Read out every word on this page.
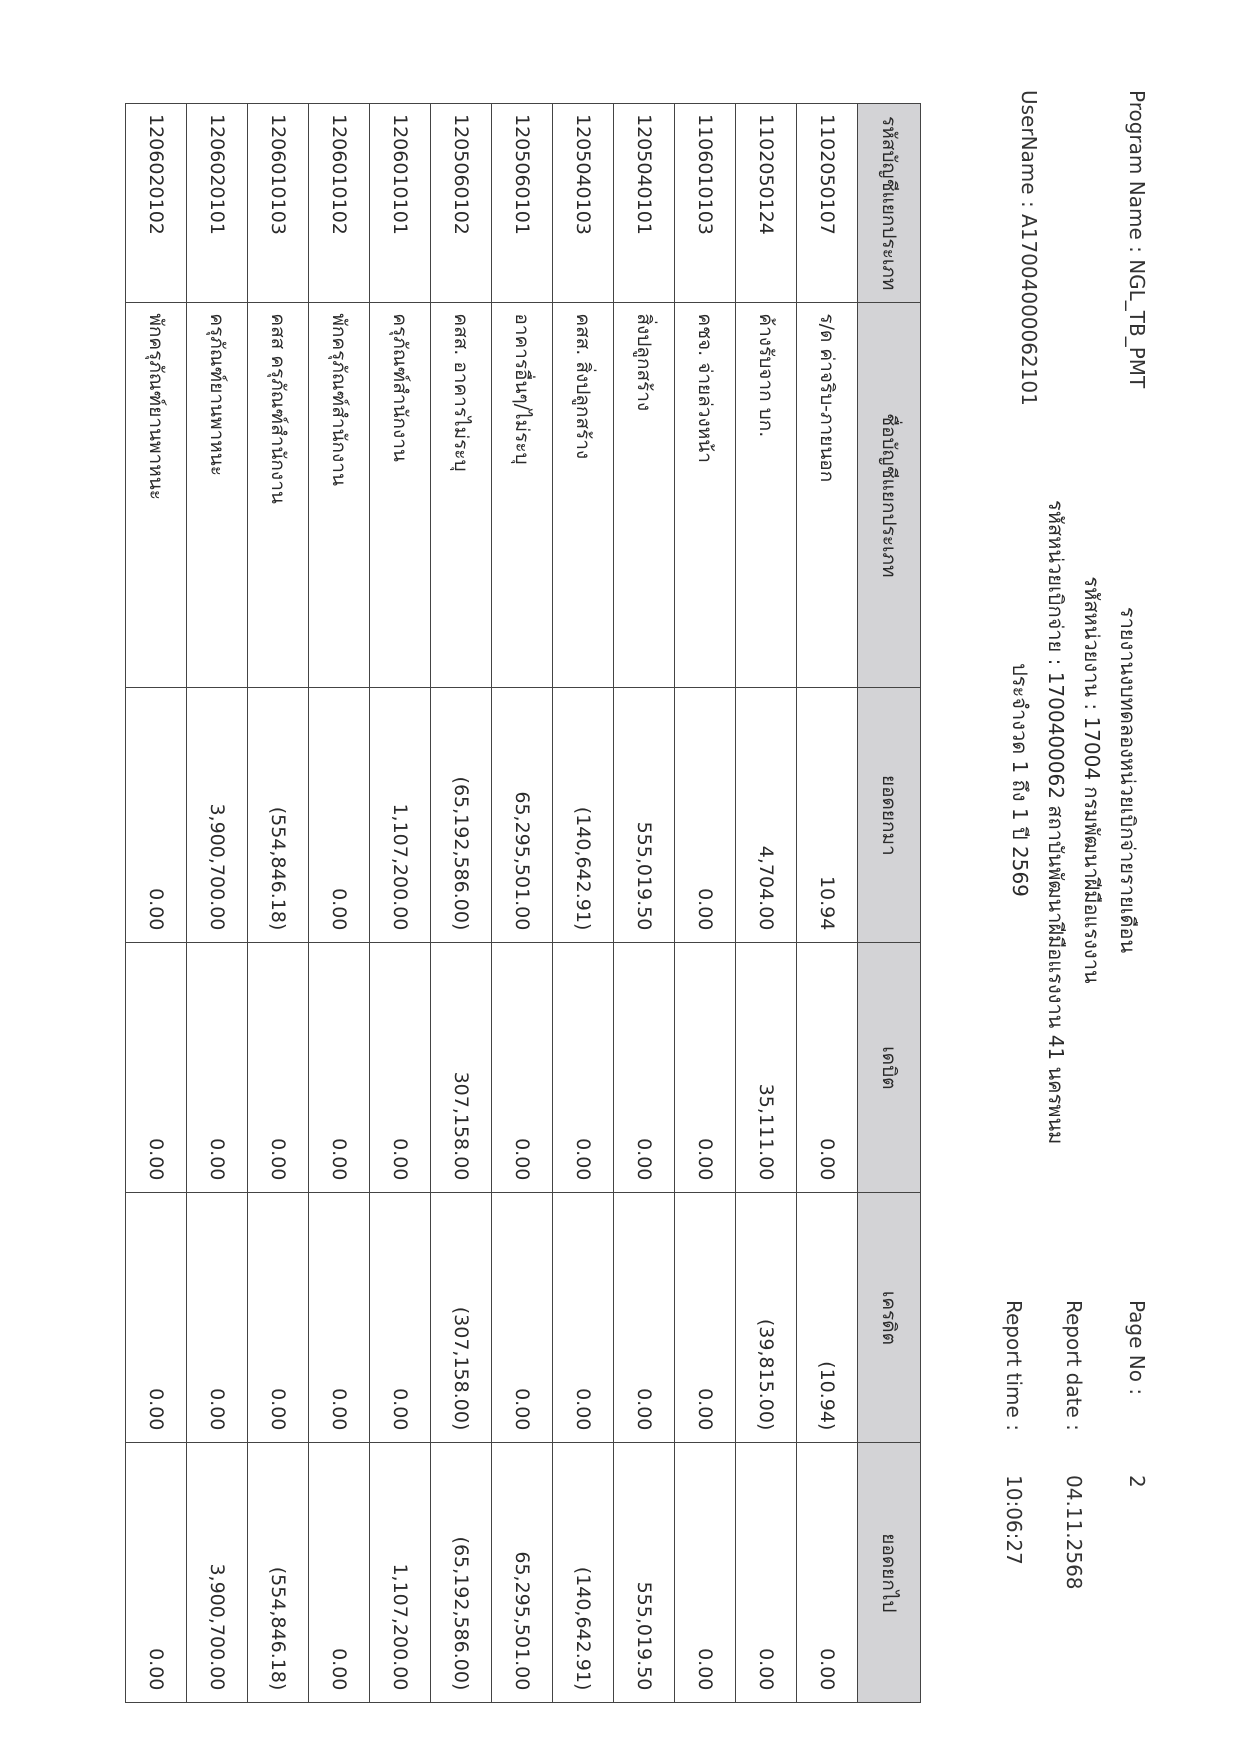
Program Name : NGL_TB_PMT
UserName : A17004000062101
รายงานงบทดลองหน่วยเบิกจ่ายรายเดือน
รหัสหน่วยงาน : 17004 กรมพัฒนาฝีมือแรงงาน
รหัสหน่วยเบิกจ่าย : 1700400062 สถาบันพัฒนาฝีมือแรงงาน 41 นครพนม
ประจำงวด 1 ถึง 1 ปี 2569
Page No :
2
Report date :
04.11.2568
Report time :
10:06:27
รหัสบัญชีแยกประเภท	ชื่อบัญชีแยกประเภท	ยอดยกมา	เดบิต	เครดิต	ยอดยกไป
1102050107	ร/ด ค่าจริบ-ภายนอก	10.94	0.00	(10.94)	0.00
1102050124	ค้างรับจาก บก.	4,704.00	35,111.00	(39,815.00)	0.00
1106010103	คชจ. จ่ายล่วงหน้า	0.00	0.00	0.00	0.00
1205040101	สิ่งปลูกสร้าง	555,019.50	0.00	0.00	555,019.50
1205040103	คสส. สิ่งปลูกสร้าง	(140,642.91)	0.00	0.00	(140,642.91)
1205060101	อาคารอื่นๆ/ไม่ระบุ	65,295,501.00	0.00	0.00	65,295,501.00
1205060102	คสส. อาคารไม่ระบุ	(65,192,586.00)	307,158.00	(307,158.00)	(65,192,586.00)
1206010101	ครุภัณฑ์สำนักงาน	1,107,200.00	0.00	0.00	1,107,200.00
1206010102	พักครุภัณฑ์สำนักงาน	0.00	0.00	0.00	0.00
1206010103	คสส ครุภัณฑ์สำนักงาน	(554,846.18)	0.00	0.00	(554,846.18)
1206020101	ครุภัณฑ์ยานพาหนะ	3,900,700.00	0.00	0.00	3,900,700.00
1206020102	พักครุภัณฑ์ยานพาหนะ	0.00	0.00	0.00	0.00
